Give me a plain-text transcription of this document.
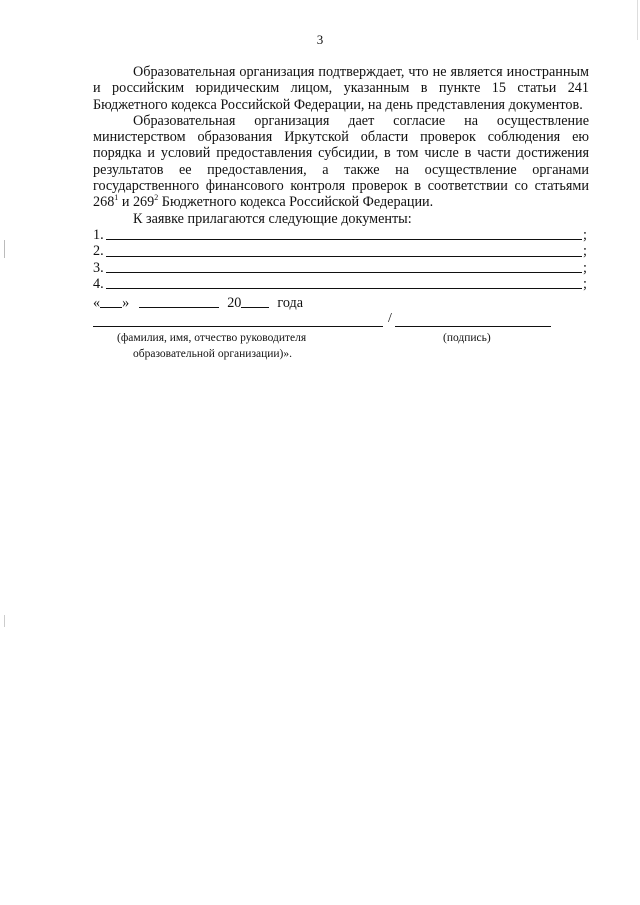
3

Образовательная организация подтверждает, что не является иностранным и российским юридическим лицом, указанным в пункте 15 статьи 241 Бюджетного кодекса Российской Федерации, на день представления документов.

Образовательная организация дает согласие на осуществление министерством образования Иркутской области проверок соблюдения ею порядка и условий предоставления субсидии, в том числе в части достижения результатов ее предоставления, а также на осуществление органами государственного финансового контроля проверок в соответствии со статьями $268^1$ и $269^2$ Бюджетного кодекса Российской Федерации.

К заявке прилагаются следующие документы:

1.	;
2.	;
3.	;
4.	;
« »	20	года
/
(фамилия, имя, отчество руководителя
образовательной организации)».
(подпись)
